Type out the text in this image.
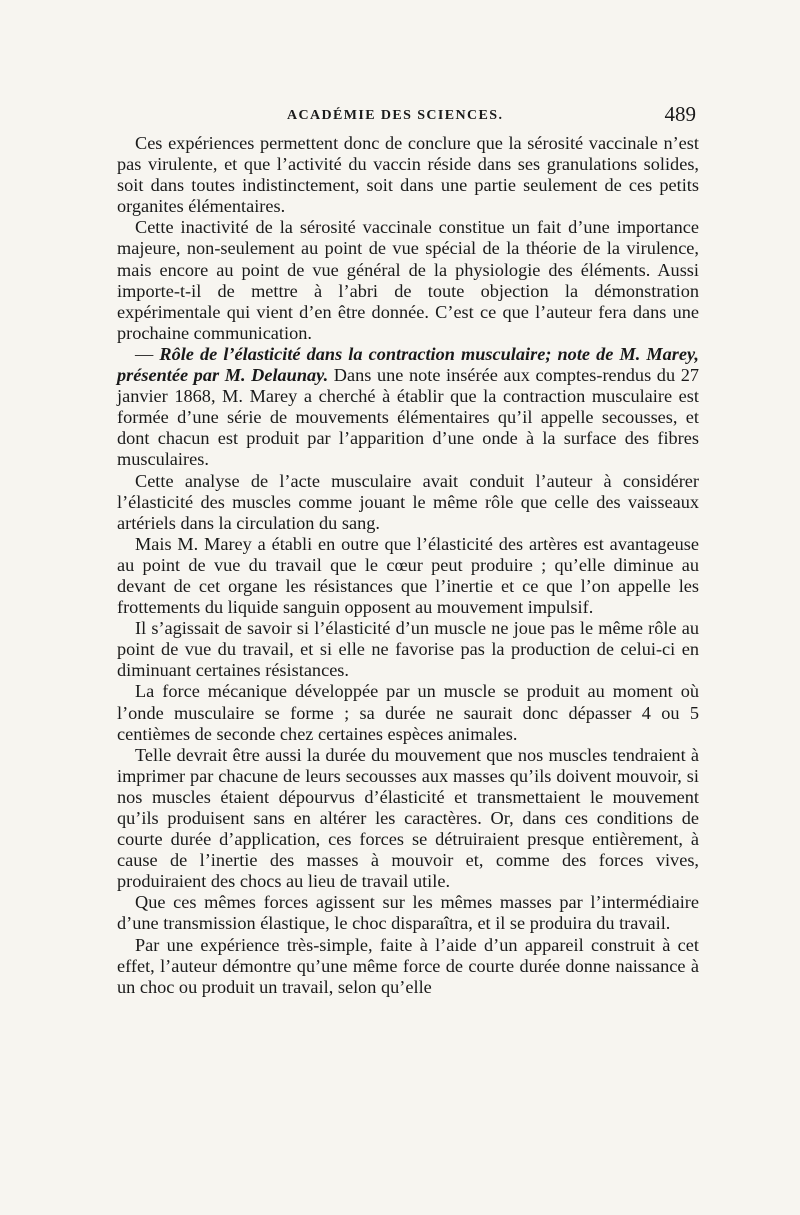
ACADÉMIE DES SCIENCES.	489

Ces expériences permettent donc de conclure que la sérosité vaccinale n’est pas virulente, et que l’activité du vaccin réside dans ses granulations solides, soit dans toutes indistinctement, soit dans une partie seulement de ces petits organites élémentaires.

Cette inactivité de la sérosité vaccinale constitue un fait d’une importance majeure, non-seulement au point de vue spécial de la théorie de la virulence, mais encore au point de vue général de la physiologie des éléments. Aussi importe-t-il de mettre à l’abri de toute objection la démonstration expérimentale qui vient d’en être donnée. C’est ce que l’auteur fera dans une prochaine communication.

— Rôle de l’élasticité dans la contraction musculaire; note de M. Marey, présentée par M. Delaunay. Dans une note insérée aux comptes-rendus du 27 janvier 1868, M. Marey a cherché à établir que la contraction musculaire est formée d’une série de mouvements élémentaires qu’il appelle secousses, et dont chacun est produit par l’apparition d’une onde à la surface des fibres musculaires.

Cette analyse de l’acte musculaire avait conduit l’auteur à considérer l’élasticité des muscles comme jouant le même rôle que celle des vaisseaux artériels dans la circulation du sang.

Mais M. Marey a établi en outre que l’élasticité des artères est avantageuse au point de vue du travail que le cœur peut produire ; qu’elle diminue au devant de cet organe les résistances que l’inertie et ce que l’on appelle les frottements du liquide sanguin opposent au mouvement impulsif.

Il s’agissait de savoir si l’élasticité d’un muscle ne joue pas le même rôle au point de vue du travail, et si elle ne favorise pas la production de celui-ci en diminuant certaines résistances.

La force mécanique développée par un muscle se produit au moment où l’onde musculaire se forme ; sa durée ne saurait donc dépasser 4 ou 5 centièmes de seconde chez certaines espèces animales.

Telle devrait être aussi la durée du mouvement que nos muscles tendraient à imprimer par chacune de leurs secousses aux masses qu’ils doivent mouvoir, si nos muscles étaient dépourvus d’élasticité et transmettaient le mouvement qu’ils produisent sans en altérer les caractères. Or, dans ces conditions de courte durée d’application, ces forces se détruiraient presque entièrement, à cause de l’inertie des masses à mouvoir et, comme des forces vives, produiraient des chocs au lieu de travail utile.

Que ces mêmes forces agissent sur les mêmes masses par l’intermédiaire d’une transmission élastique, le choc disparaîtra, et il se produira du travail.

Par une expérience très-simple, faite à l’aide d’un appareil construit à cet effet, l’auteur démontre qu’une même force de courte durée donne naissance à un choc ou produit un travail, selon qu’elle
